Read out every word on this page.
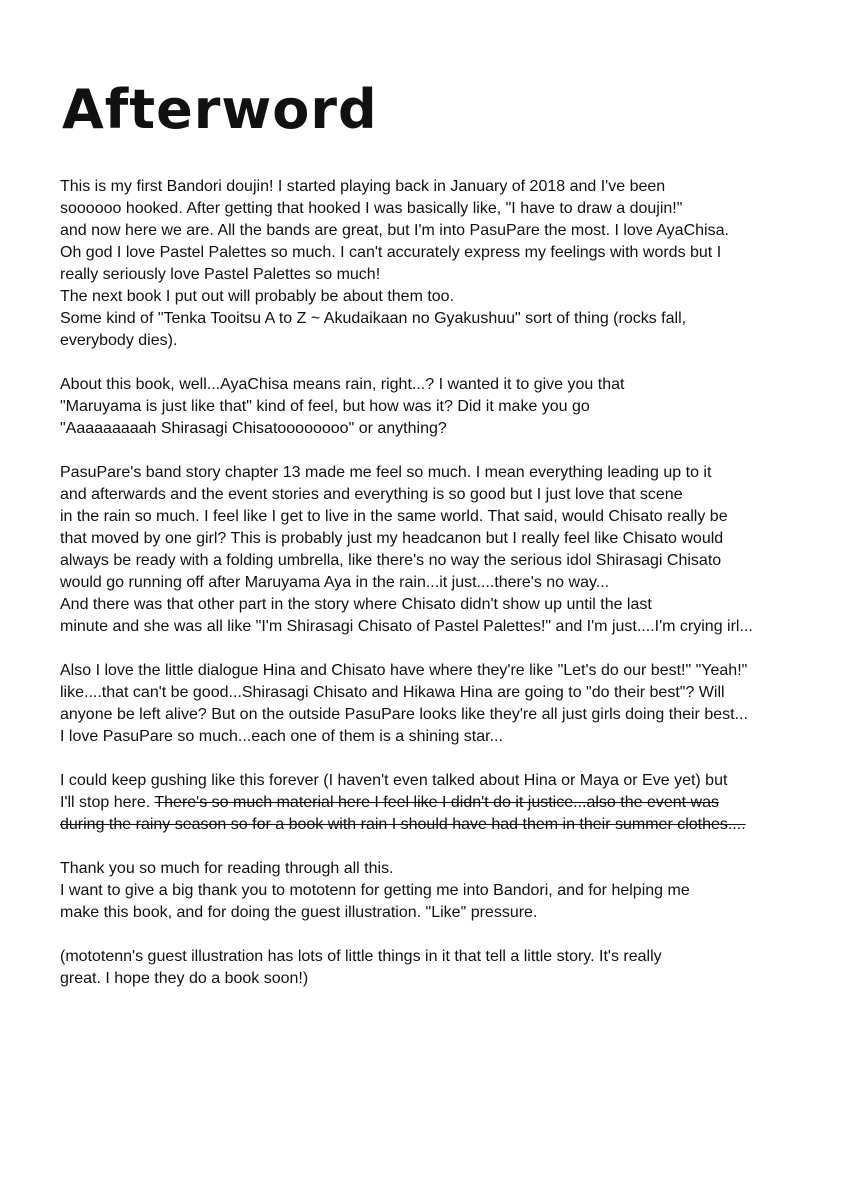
Afterword

This is my first Bandori doujin! I started playing back in January of 2018 and I've been
soooooo hooked. After getting that hooked I was basically like, "I have to draw a doujin!"
and now here we are. All the bands are great, but I'm into PasuPare the most. I love AyaChisa.
Oh god I love Pastel Palettes so much. I can't accurately express my feelings with words but I
really seriously love Pastel Palettes so much!
The next book I put out will probably be about them too.
Some kind of "Tenka Tooitsu A to Z ~ Akudaikaan no Gyakushuu" sort of thing (rocks fall,
everybody dies).

About this book, well...AyaChisa means rain, right...? I wanted it to give you that
"Maruyama is just like that" kind of feel, but how was it? Did it make you go
"Aaaaaaaaah Shirasagi Chisatoooooooo" or anything?

PasuPare's band story chapter 13 made me feel so much. I mean everything leading up to it
and afterwards and the event stories and everything is so good but I just love that scene
in the rain so much. I feel like I get to live in the same world. That said, would Chisato really be
that moved by one girl? This is probably just my headcanon but I really feel like Chisato would
always be ready with a folding umbrella, like there's no way the serious idol Shirasagi Chisato
would go running off after Maruyama Aya in the rain...it just....there's no way...
And there was that other part in the story where Chisato didn't show up until the last
minute and she was all like "I'm Shirasagi Chisato of Pastel Palettes!" and I'm just....I'm crying irl...

Also I love the little dialogue Hina and Chisato have where they're like "Let's do our best!" "Yeah!"
like....that can't be good...Shirasagi Chisato and Hikawa Hina are going to "do their best"? Will
anyone be left alive? But on the outside PasuPare looks like they're all just girls doing their best...
I love PasuPare so much...each one of them is a shining star...

I could keep gushing like this forever (I haven't even talked about Hina or Maya or Eve yet) but
I'll stop here. There's so much material here I feel like I didn't do it justice...also the event was
during the rainy season so for a book with rain I should have had them in their summer clothes....

Thank you so much for reading through all this.
I want to give a big thank you to mototenn for getting me into Bandori, and for helping me
make this book, and for doing the guest illustration. "Like" pressure.

(mototenn's guest illustration has lots of little things in it that tell a little story. It's really
great. I hope they do a book soon!)
